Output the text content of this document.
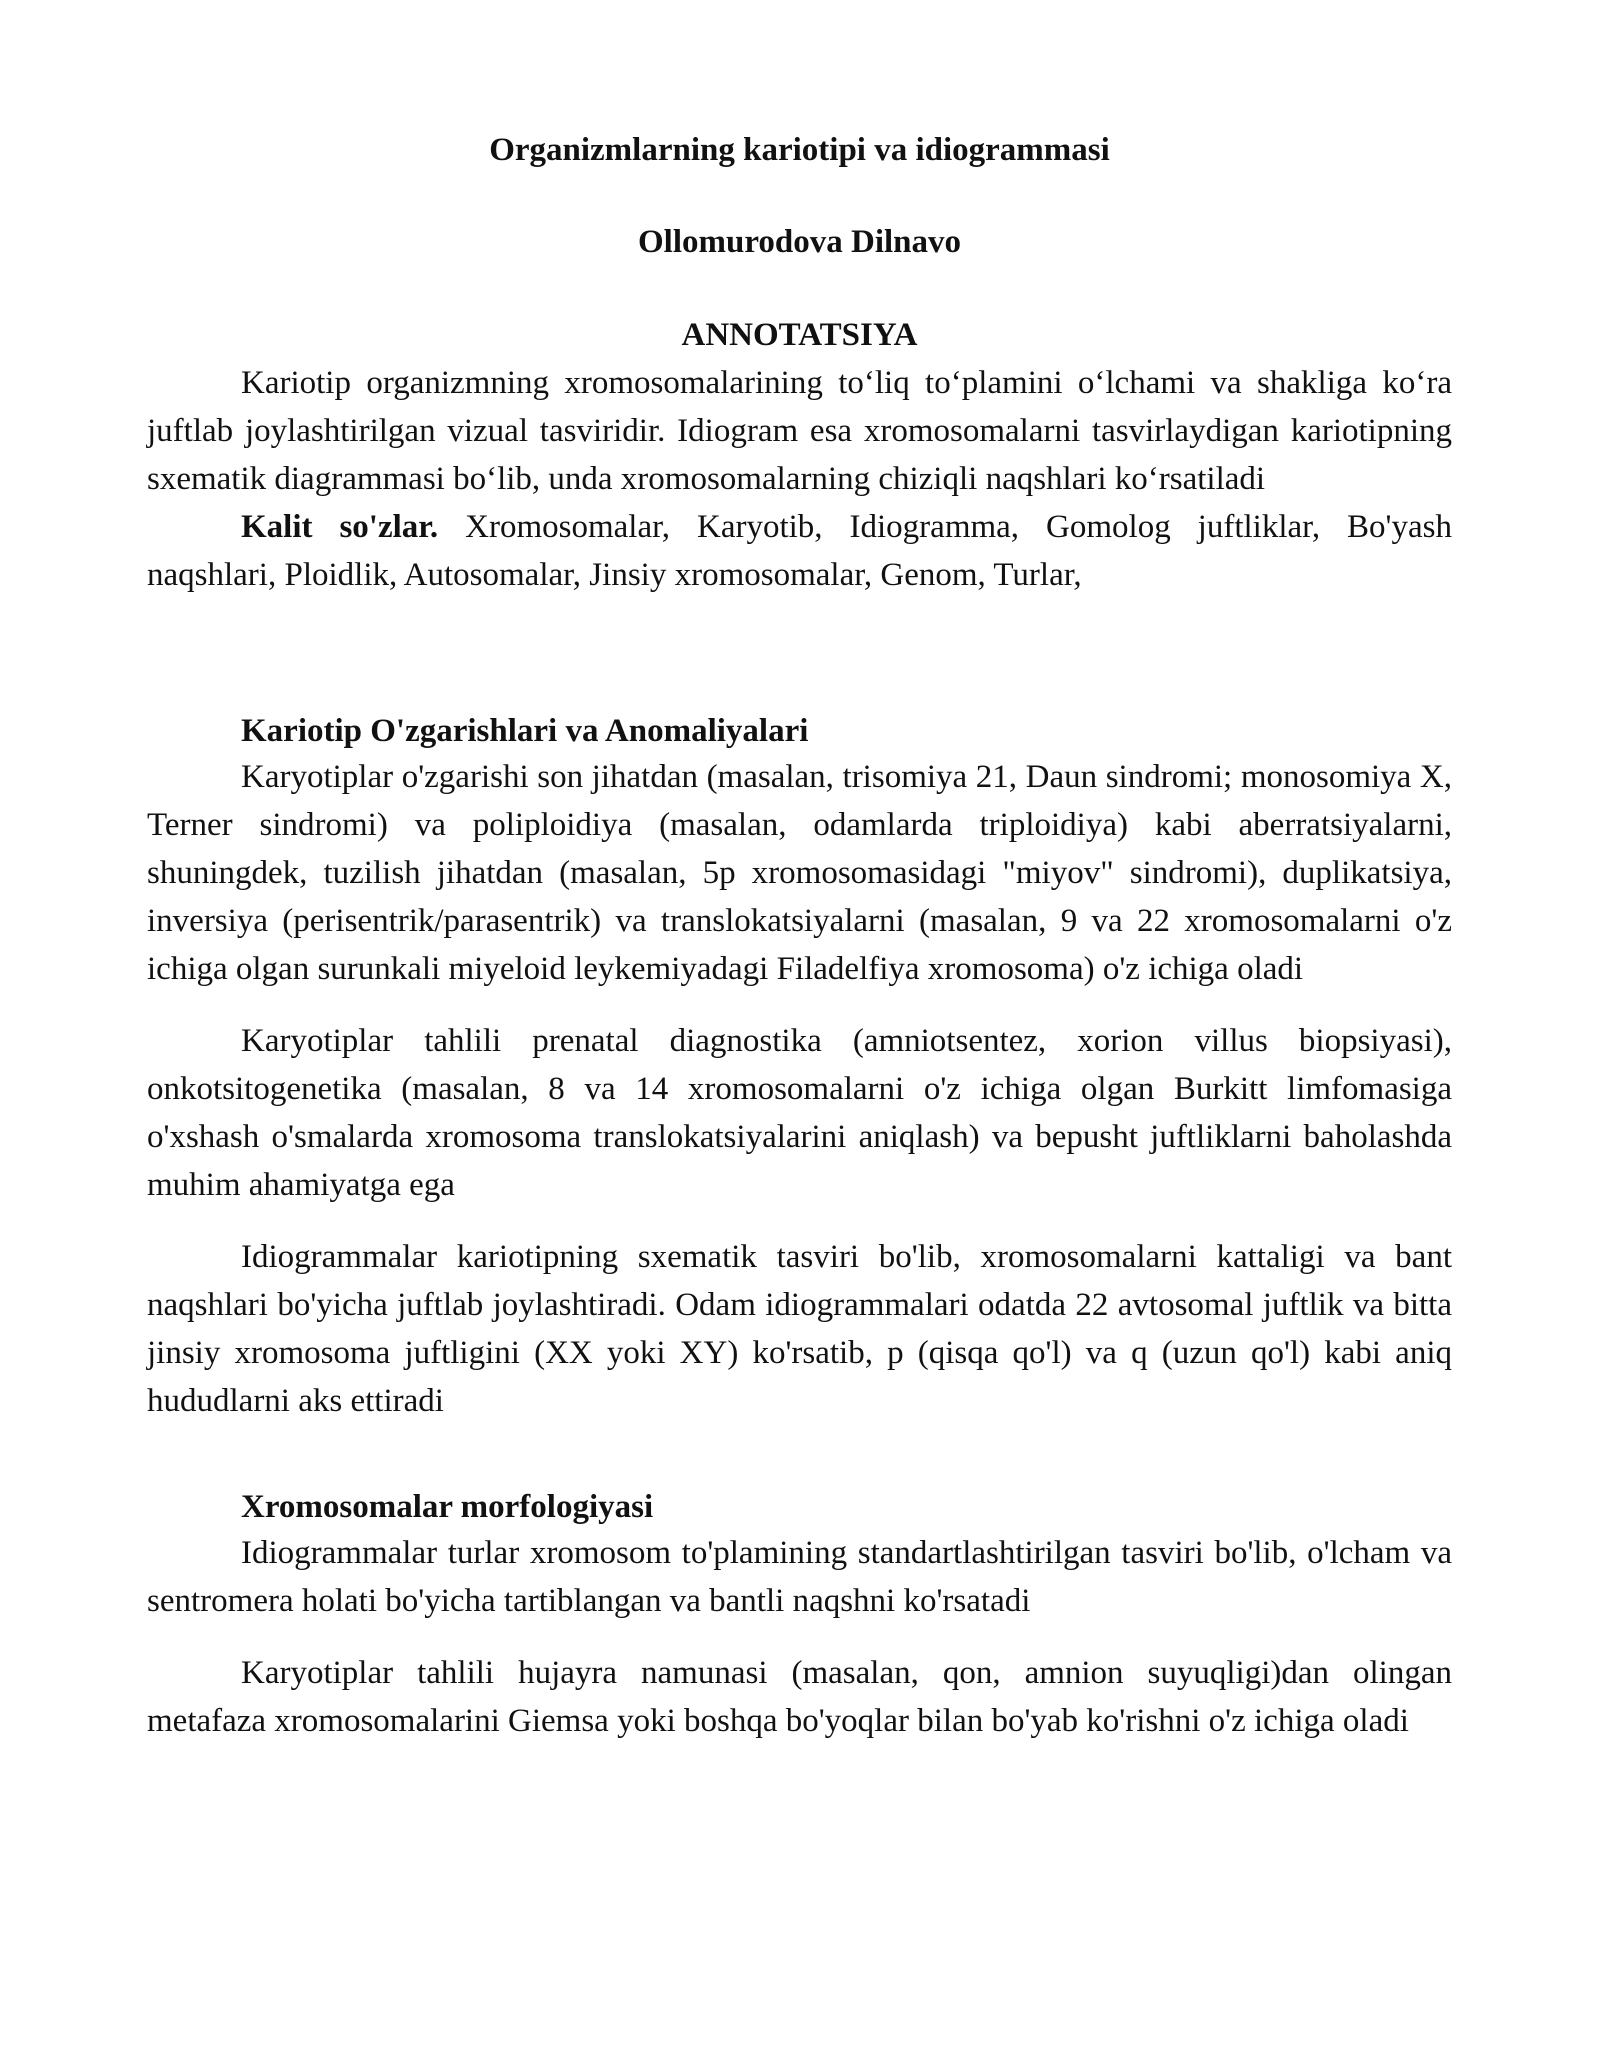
Organizmlarning kariotipi va idiogrammasi
Ollomurodova Dilnavo
ANNOTATSIYA

Kariotip organizmning xromosomalarining to‘liq to‘plamini o‘lchami va shakliga ko‘ra juftlab joylashtirilgan vizual tasviridir. Idiogram esa xromosomalarni tasvirlaydigan kariotipning sxematik diagrammasi bo‘lib, unda xromosomalarning chiziqli naqshlari ko‘rsatiladi

Kalit so'zlar. Xromosomalar, Karyotib, Idiogramma, Gomolog juftliklar, Bo'yash naqshlari, Ploidlik, Autosomalar, Jinsiy xromosomalar, Genom, Turlar,

Kariotip O'zgarishlari va Anomaliyalari

Karyotiplar o'zgarishi son jihatdan (masalan, trisomiya 21, Daun sindromi; monosomiya X, Terner sindromi) va poliploidiya (masalan, odamlarda triploidiya) kabi aberratsiyalarni, shuningdek, tuzilish jihatdan (masalan, 5p xromosomasidagi "miyov" sindromi), duplikatsiya, inversiya (perisentrik/parasentrik) va translokatsiyalarni (masalan, 9 va 22 xromosomalarni o'z ichiga olgan surunkali miyeloid leykemiyadagi Filadelfiya xromosoma) o'z ichiga oladi

Karyotiplar tahlili prenatal diagnostika (amniotsentez, xorion villus biopsiyasi), onkotsitogenetika (masalan, 8 va 14 xromosomalarni o'z ichiga olgan Burkitt limfomasiga o'xshash o'smalarda xromosoma translokatsiyalarini aniqlash) va bepusht juftliklarni baholashda muhim ahamiyatga ega

Idiogrammalar kariotipning sxematik tasviri bo'lib, xromosomalarni kattaligi va bant naqshlari bo'yicha juftlab joylashtiradi. Odam idiogrammalari odatda 22 avtosomal juftlik va bitta jinsiy xromosoma juftligini (XX yoki XY) ko'rsatib, p (qisqa qo'l) va q (uzun qo'l) kabi aniq hududlarni aks ettiradi

Xromosomalar morfologiyasi

Idiogrammalar turlar xromosom to'plamining standartlashtirilgan tasviri bo'lib, o'lcham va sentromera holati bo'yicha tartiblangan va bantli naqshni ko'rsatadi

Karyotiplar tahlili hujayra namunasi (masalan, qon, amnion suyuqligi)dan olingan metafaza xromosomalarini Giemsa yoki boshqa bo'yoqlar bilan bo'yab ko'rishni o'z ichiga oladi
